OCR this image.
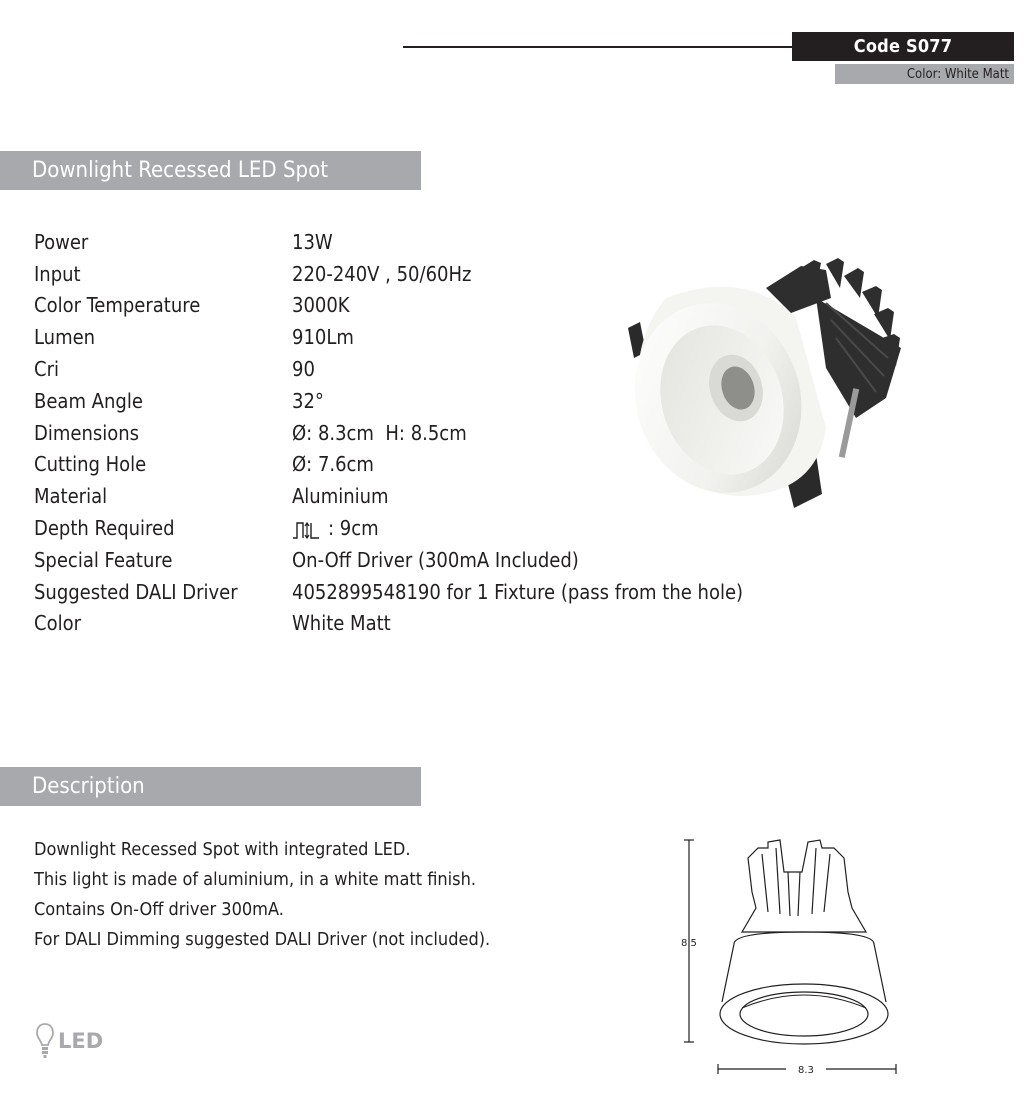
Code S077
Color: White Matt
Downlight Recessed LED Spot
Power	13W
Input	220-240V , 50/60Hz
Color Temperature	3000K
Lumen	910Lm
Cri	90
Beam Angle	32°
Dimensions	Ø: 8.3cm  H: 8.5cm
Cutting Hole	Ø: 7.6cm
Material	Aluminium
Depth Required	: 9cm
Special Feature	On-Off Driver (300mA Included)
Suggested DALI Driver	4052899548190 for 1 Fixture (pass from the hole)
Color	White Matt
Description
Downlight Recessed Spot with integrated LED.
This light is made of aluminium, in a white matt finish.
Contains On-Off driver 300mA.
For DALI Dimming suggested DALI Driver (not included).	8.5
8.3
LED
